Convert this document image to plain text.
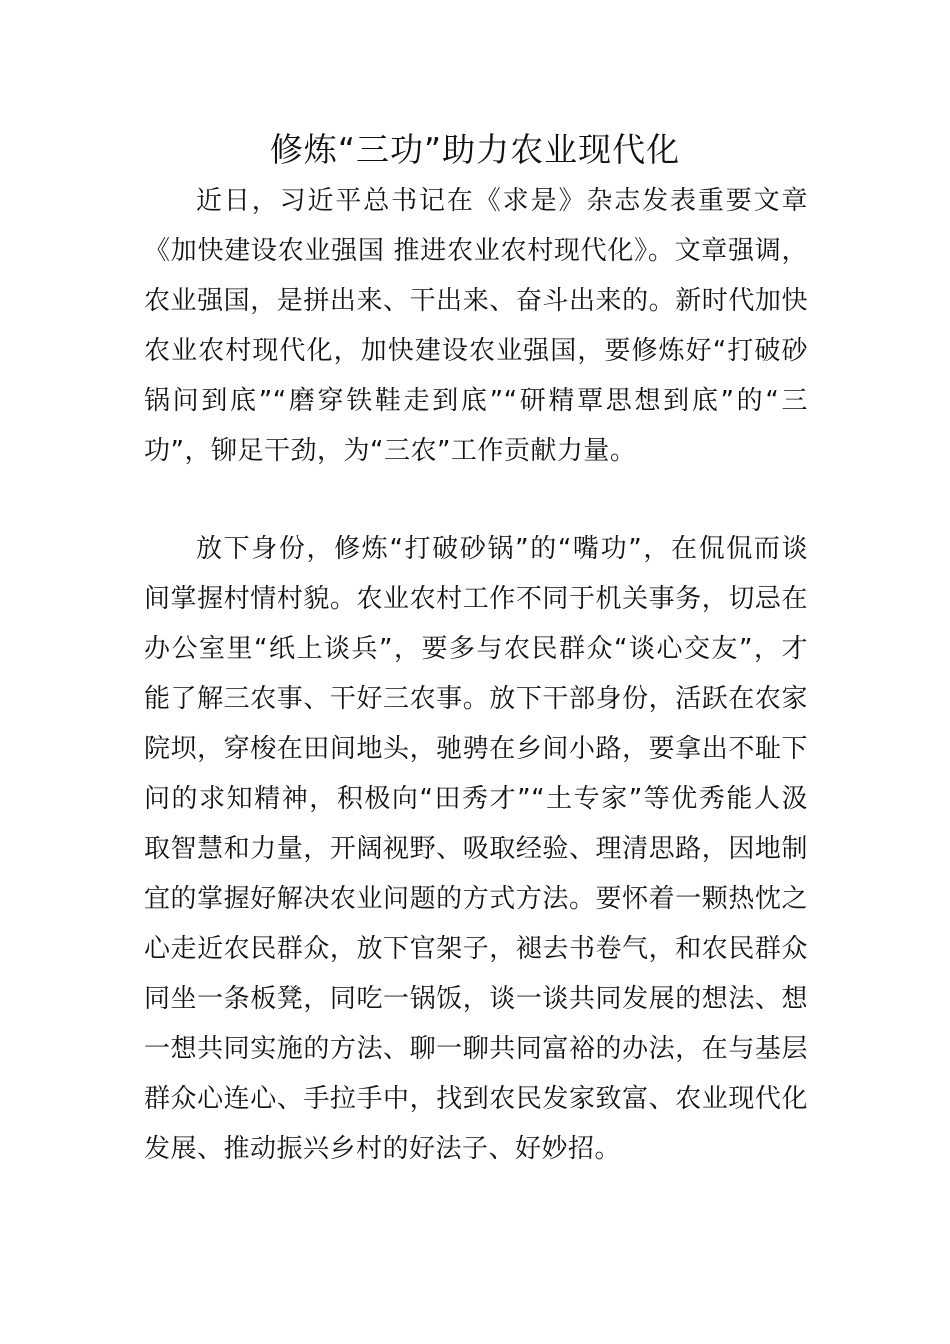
修炼“三功”助力农业现代化

近日，习近平总书记在《求是》杂志发表重要文章《加快建设农业强国 推进农业农村现代化》。文章强调，农业强国，是拼出来、干出来、奋斗出来的。新时代加快农业农村现代化，加快建设农业强国，要修炼好“打破砂锅问到底”“磨穿铁鞋走到底”“研精覃思想到底”的“三功”，铆足干劲，为“三农”工作贡献力量。

放下身份，修炼“打破砂锅”的“嘴功”，在侃侃而谈间掌握村情村貌。农业农村工作不同于机关事务，切忌在办公室里“纸上谈兵”，要多与农民群众“谈心交友”，才能了解三农事、干好三农事。放下干部身份，活跃在农家院坝，穿梭在田间地头，驰骋在乡间小路，要拿出不耻下问的求知精神，积极向“田秀才”“土专家”等优秀能人汲取智慧和力量，开阔视野、吸取经验、理清思路，因地制宜的掌握好解决农业问题的方式方法。要怀着一颗热忱之心走近农民群众，放下官架子，褪去书卷气，和农民群众同坐一条板凳，同吃一锅饭，谈一谈共同发展的想法、想一想共同实施的方法、聊一聊共同富裕的办法，在与基层群众心连心、手拉手中，找到农民发家致富、农业现代化发展、推动振兴乡村的好法子、好妙招。
